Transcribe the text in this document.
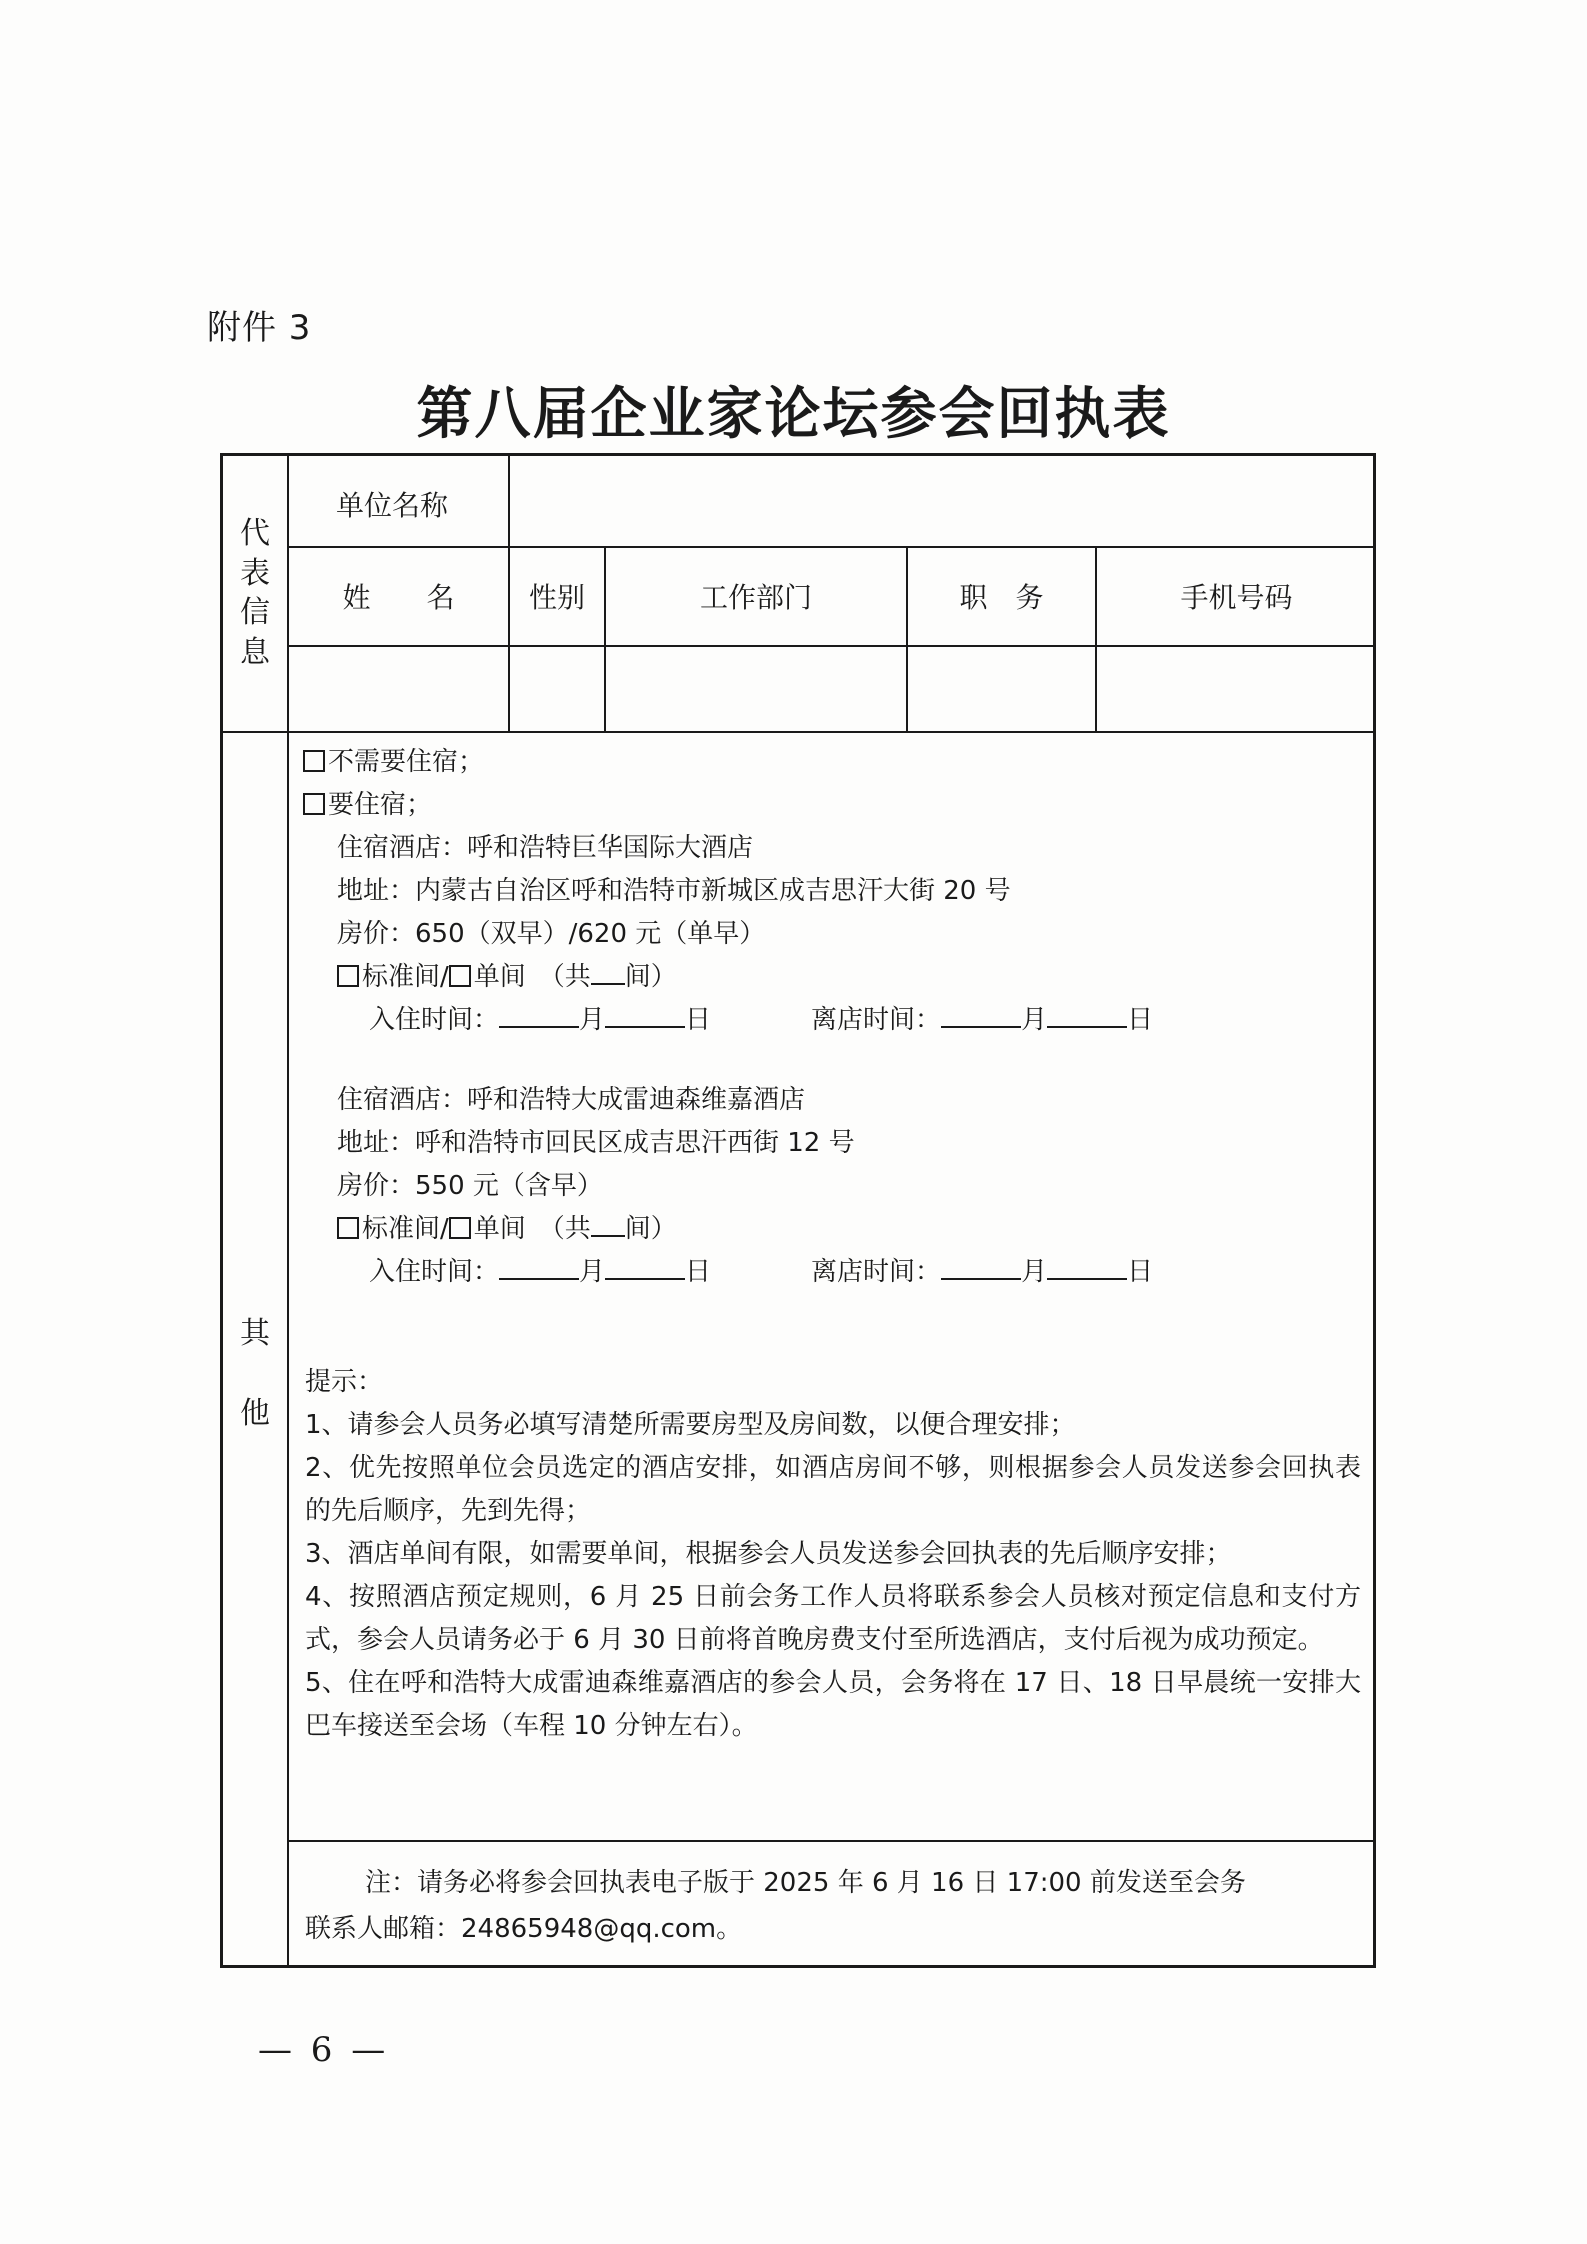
附件 3
第八届企业家论坛参会回执表
代
表
信
息
单位名称
姓　　名	性别	工作部门	职　务	手机号码
其
他
不需要住宿；
要住宿；
住宿酒店：呼和浩特巨华国际大酒店
地址：内蒙古自治区呼和浩特市新城区成吉思汗大街 20 号
房价：650（双早）/620 元（单早）
标准间/ 单间　（共 间）
入住时间：	月	日	离店时间：	月	日
住宿酒店：呼和浩特大成雷迪森维嘉酒店
地址：呼和浩特市回民区成吉思汗西街 12 号
房价：550 元（含早）
标准间/ 单间　（共 间）
入住时间：	月	日	离店时间：	月	日
提示：
1、请参会人员务必填写清楚所需要房型及房间数，以便合理安排；
2、优先按照单位会员选定的酒店安排，如酒店房间不够，则根据参会人员发送参会回执表的先后顺序，先到先得；
3、酒店单间有限，如需要单间，根据参会人员发送参会回执表的先后顺序安排；
4、按照酒店预定规则，6 月 25 日前会务工作人员将联系参会人员核对预定信息和支付方式，参会人员请务必于 6 月 30 日前将首晚房费支付至所选酒店，支付后视为成功预定。
5、住在呼和浩特大成雷迪森维嘉酒店的参会人员，会务将在 17 日、18 日早晨统一安排大巴车接送至会场（车程 10 分钟左右）。
注：请务必将参会回执表电子版于 2025 年 6 月 16 日 17:00 前发送至会务
联系人邮箱：24865948@qq.com。
— 6 —
